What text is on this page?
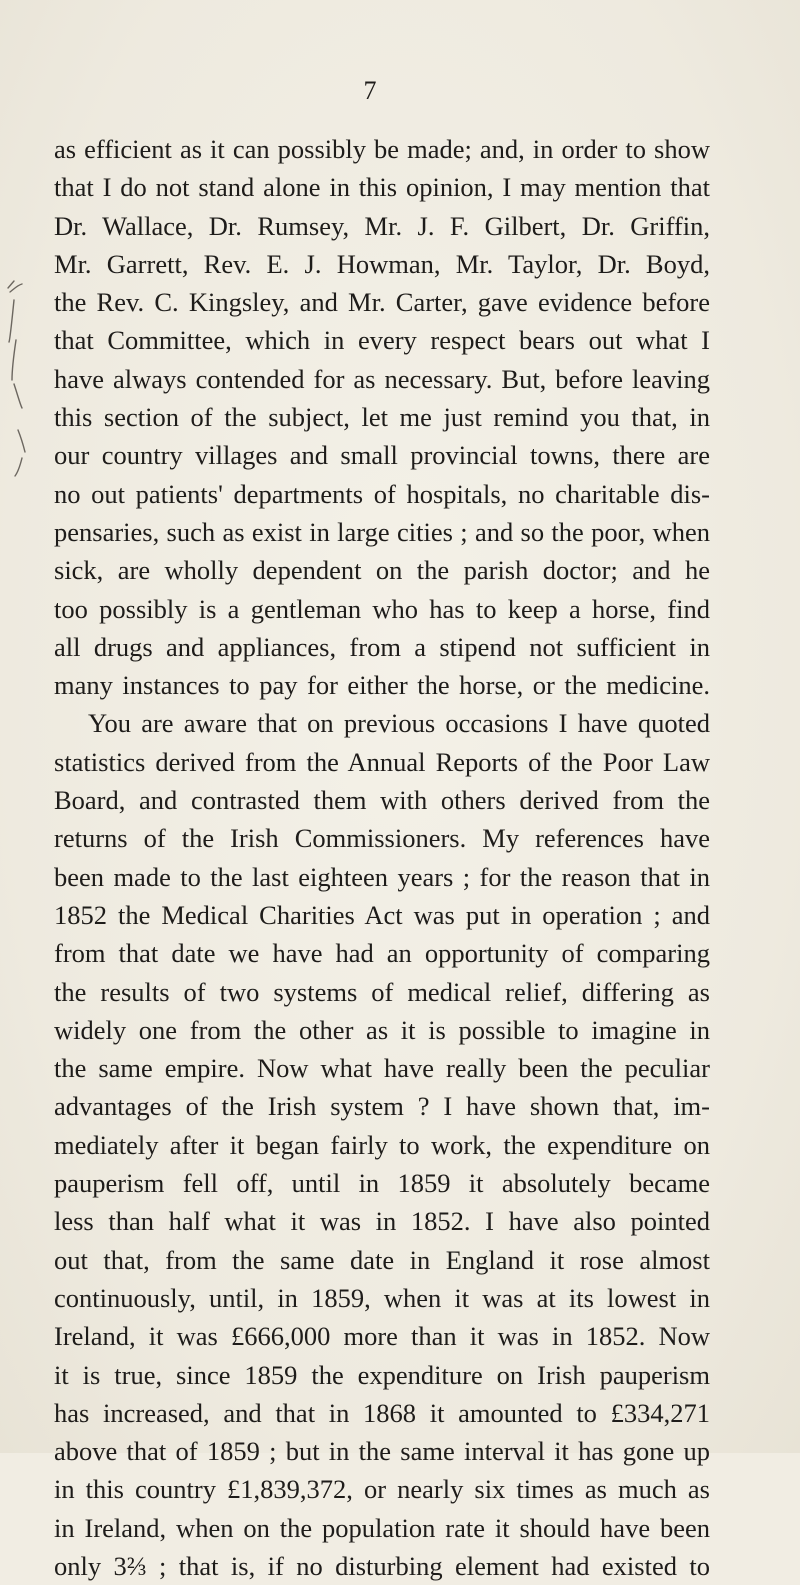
7
as efficient as it can possibly be made; and, in order to show
that I do not stand alone in this opinion, I may mention that
Dr. Wallace, Dr. Rumsey, Mr. J. F. Gilbert, Dr. Griffin,
Mr. Garrett, Rev. E. J. Howman, Mr. Taylor, Dr. Boyd,
the Rev. C. Kingsley, and Mr. Carter, gave evidence before
that Committee, which in every respect bears out what I
have always contended for as necessary. But, before leaving
this section of the subject, let me just remind you that, in
our country villages and small provincial towns, there are
no out patients' departments of hospitals, no charitable dis-
pensaries, such as exist in large cities ; and so the poor, when
sick, are wholly dependent on the parish doctor; and he
too possibly is a gentleman who has to keep a horse, find
all drugs and appliances, from a stipend not sufficient in
many instances to pay for either the horse, or the medicine.
You are aware that on previous occasions I have quoted
statistics derived from the Annual Reports of the Poor Law
Board, and contrasted them with others derived from the
returns of the Irish Commissioners. My references have
been made to the last eighteen years ; for the reason that in
1852 the Medical Charities Act was put in operation ; and
from that date we have had an opportunity of comparing
the results of two systems of medical relief, differing as
widely one from the other as it is possible to imagine in
the same empire. Now what have really been the peculiar
advantages of the Irish system ? I have shown that, im-
mediately after it began fairly to work, the expenditure on
pauperism fell off, until in 1859 it absolutely became
less than half what it was in 1852. I have also pointed
out that, from the same date in England it rose almost
continuously, until, in 1859, when it was at its lowest in
Ireland, it was £666,000 more than it was in 1852. Now
it is true, since 1859 the expenditure on Irish pauperism
has increased, and that in 1868 it amounted to £334,271
above that of 1859 ; but in the same interval it has gone up
in this country £1,839,372, or nearly six times as much as
in Ireland, when on the population rate it should have been
only 3⅔ ; that is, if no disturbing element had existed to
